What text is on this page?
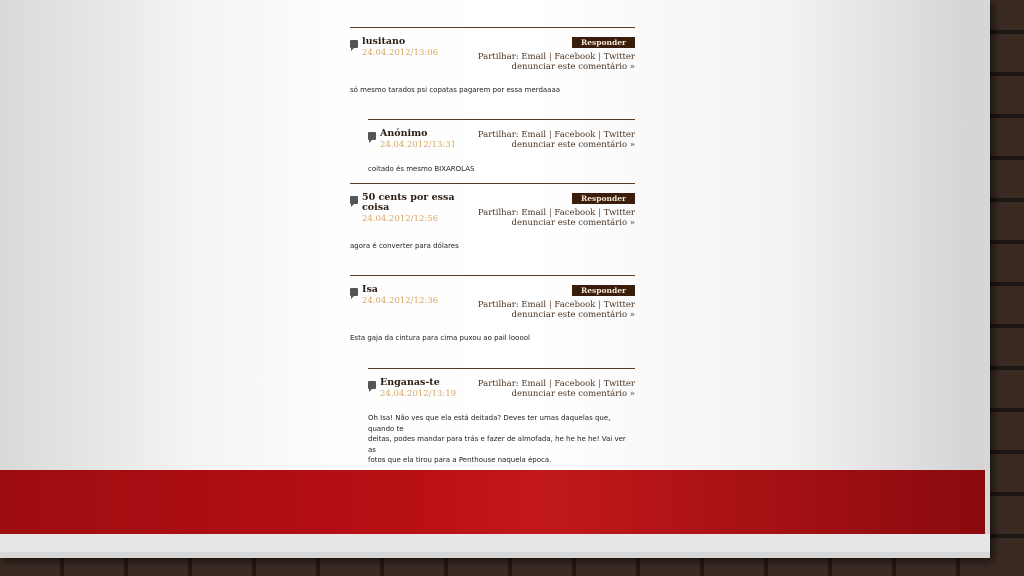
lusitano
24.04.2012/13:06
Responder
Partilhar: Email | Facebook | Twitter
denunciar este comentário »
só mesmo tarados psi copatas pagarem por essa merdaaaa
Anónimo
24.04.2012/13:31
Partilhar: Email | Facebook | Twitter
denunciar este comentário »
coitado és mesmo BIXAROLAS
50 cents por essa
coisa
24.04.2012/12:56
Responder
Partilhar: Email | Facebook | Twitter
denunciar este comentário »
agora é converter para dólares
Isa
24.04.2012/12:36
Responder
Partilhar: Email | Facebook | Twitter
denunciar este comentário »
Esta gaja da cintura para cima puxou ao pail looool
Enganas-te
24.04.2012/13:19
Partilhar: Email | Facebook | Twitter
denunciar este comentário »
Oh Isa! Não ves que ela está deitada? Deves ter umas daquelas que, quando te
deitas, podes mandar para trás e fazer de almofada, he he he he! Vai ver as
fotos que ela tirou para a Penthouse naquela época.
